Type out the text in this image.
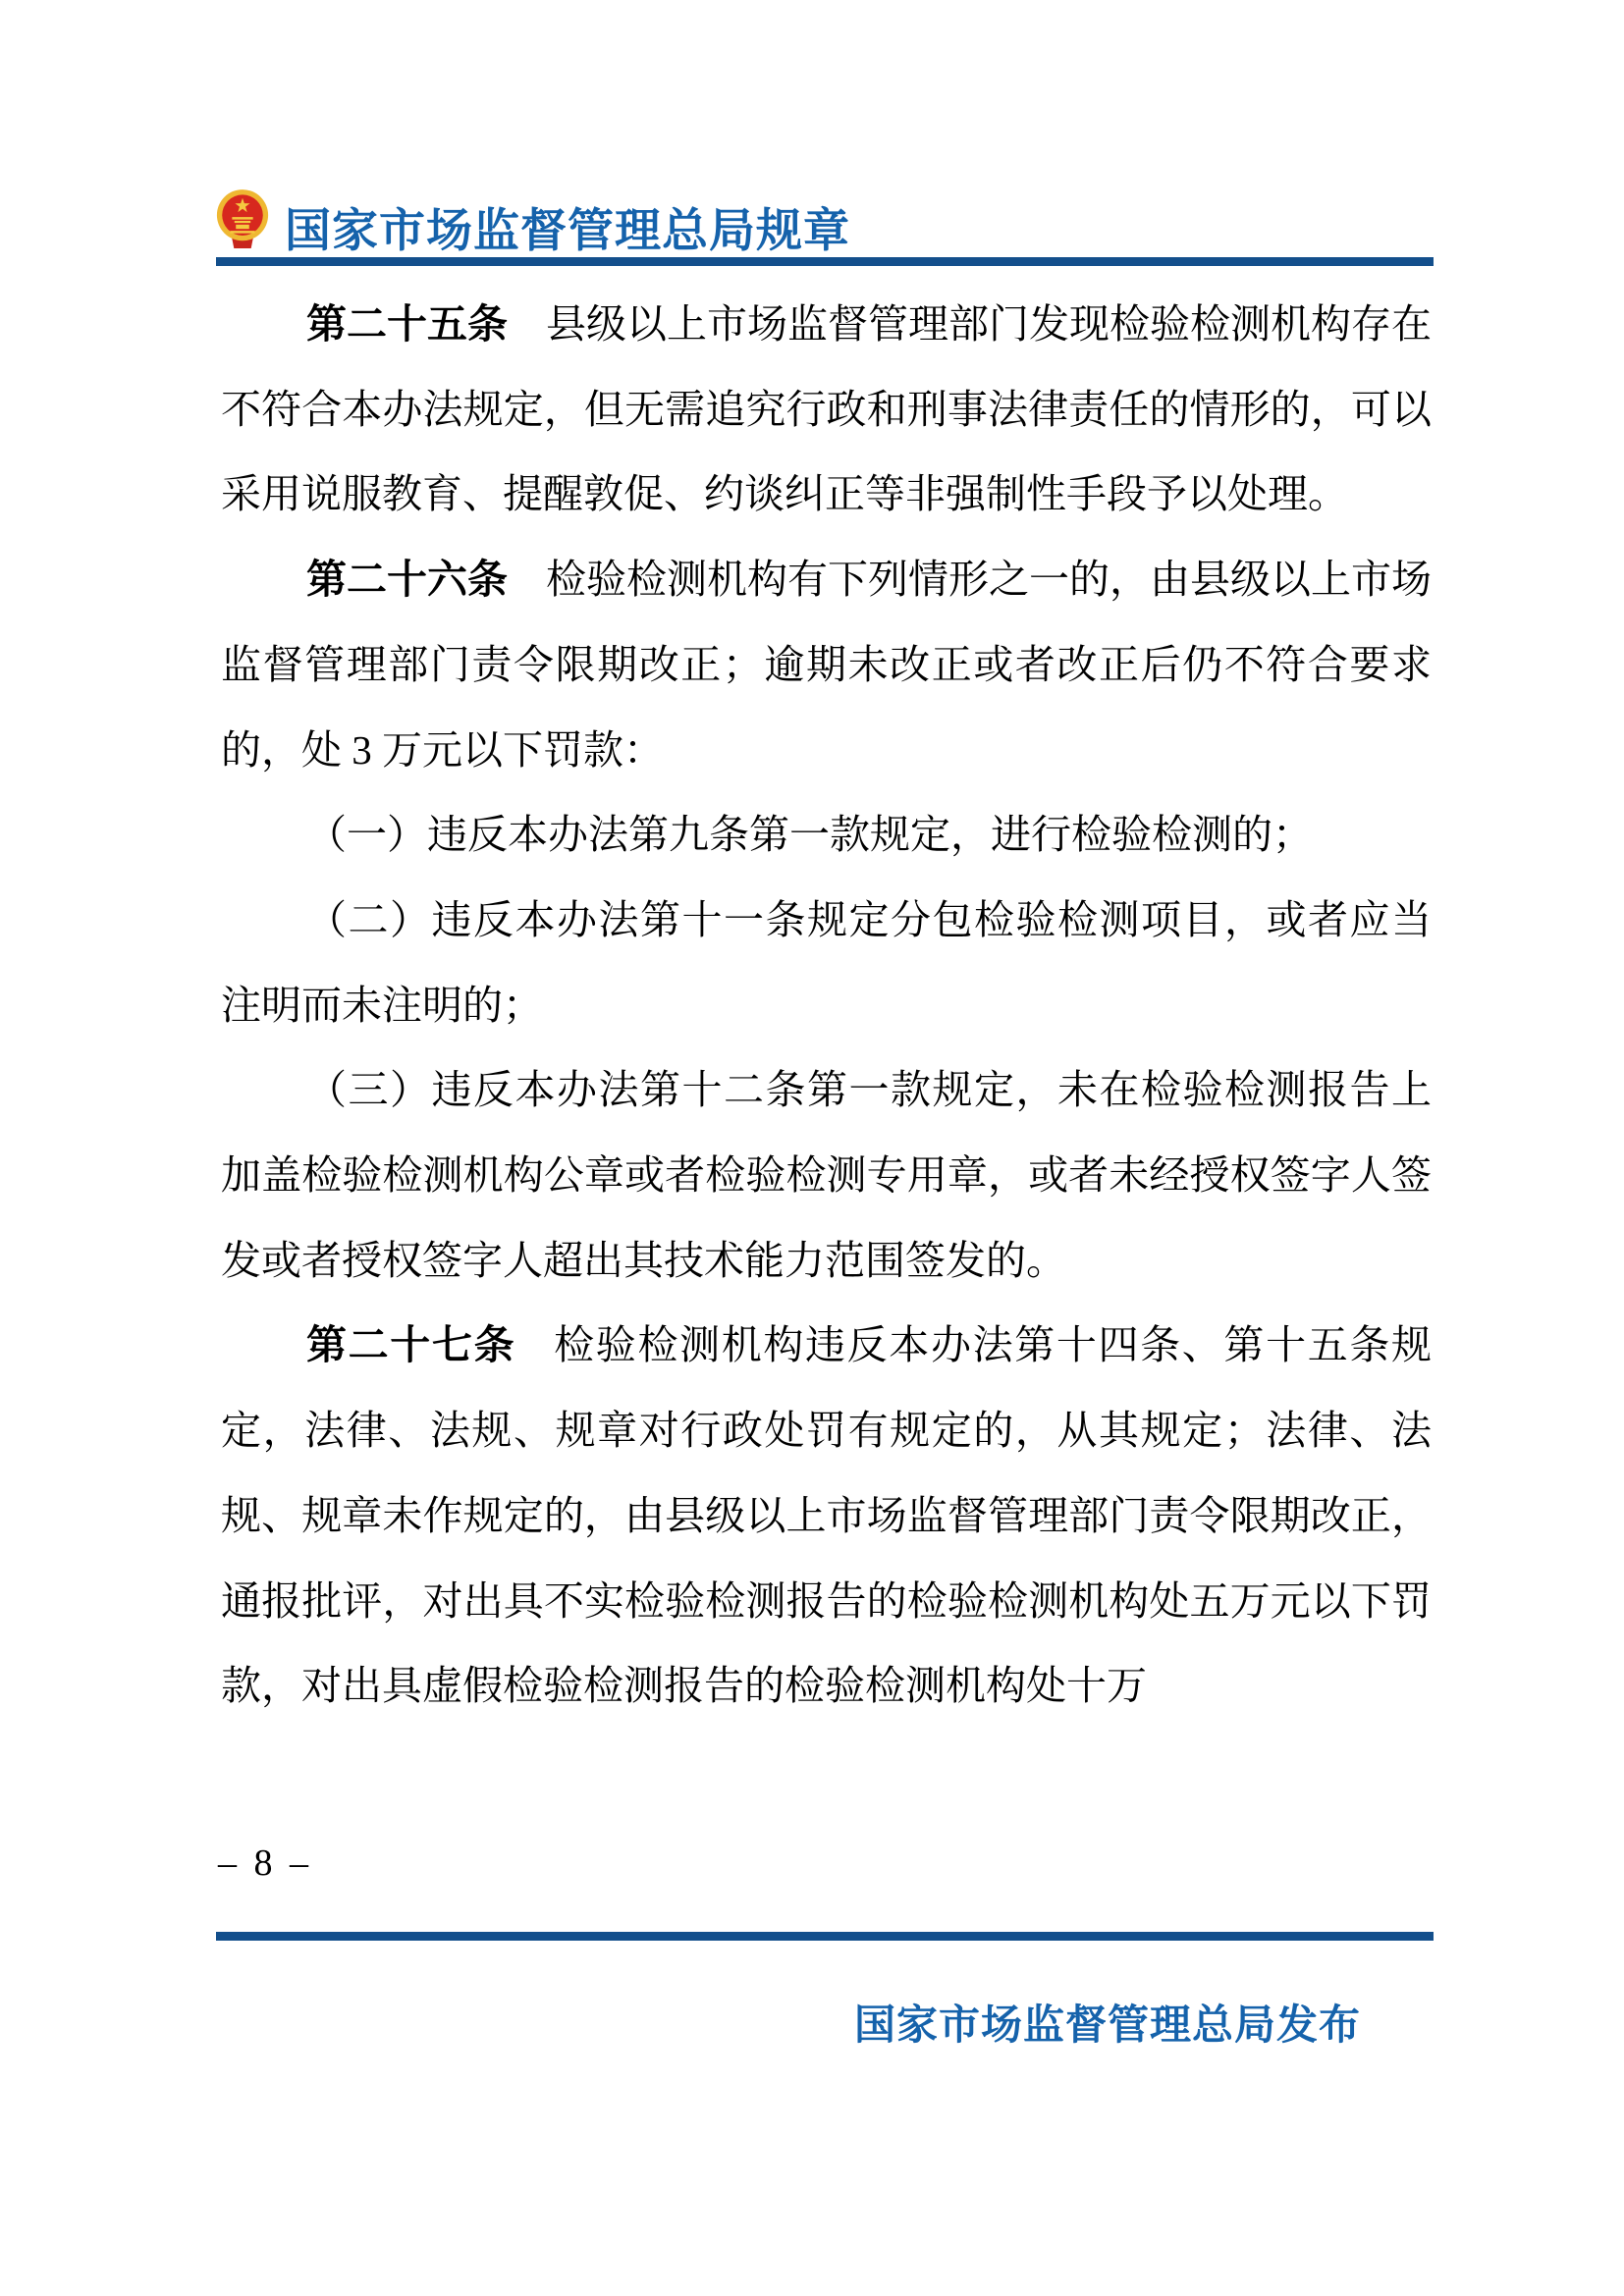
国家市场监督管理总局规章

第二十五条 县级以上市场监督管理部门发现检验检测机构存在不符合本办法规定，但无需追究行政和刑事法律责任的情形的，可以采用说服教育、提醒敦促、约谈纠正等非强制性手段予以处理。

第二十六条 检验检测机构有下列情形之一的，由县级以上市场监督管理部门责令限期改正；逾期未改正或者改正后仍不符合要求的，处 3 万元以下罚款：

（一）违反本办法第九条第一款规定，进行检验检测的；

（二）违反本办法第十一条规定分包检验检测项目，或者应当注明而未注明的；

（三）违反本办法第十二条第一款规定，未在检验检测报告上加盖检验检测机构公章或者检验检测专用章，或者未经授权签字人签发或者授权签字人超出其技术能力范围签发的。

第二十七条 检验检测机构违反本办法第十四条、第十五条规定，法律、法规、规章对行政处罚有规定的，从其规定；法律、法规、规章未作规定的，由县级以上市场监督管理部门责令限期改正，通报批评，对出具不实检验检测报告的检验检测机构处五万元以下罚款，对出具虚假检验检测报告的检验检测机构处十万

– 8 –
国家市场监督管理总局发布
